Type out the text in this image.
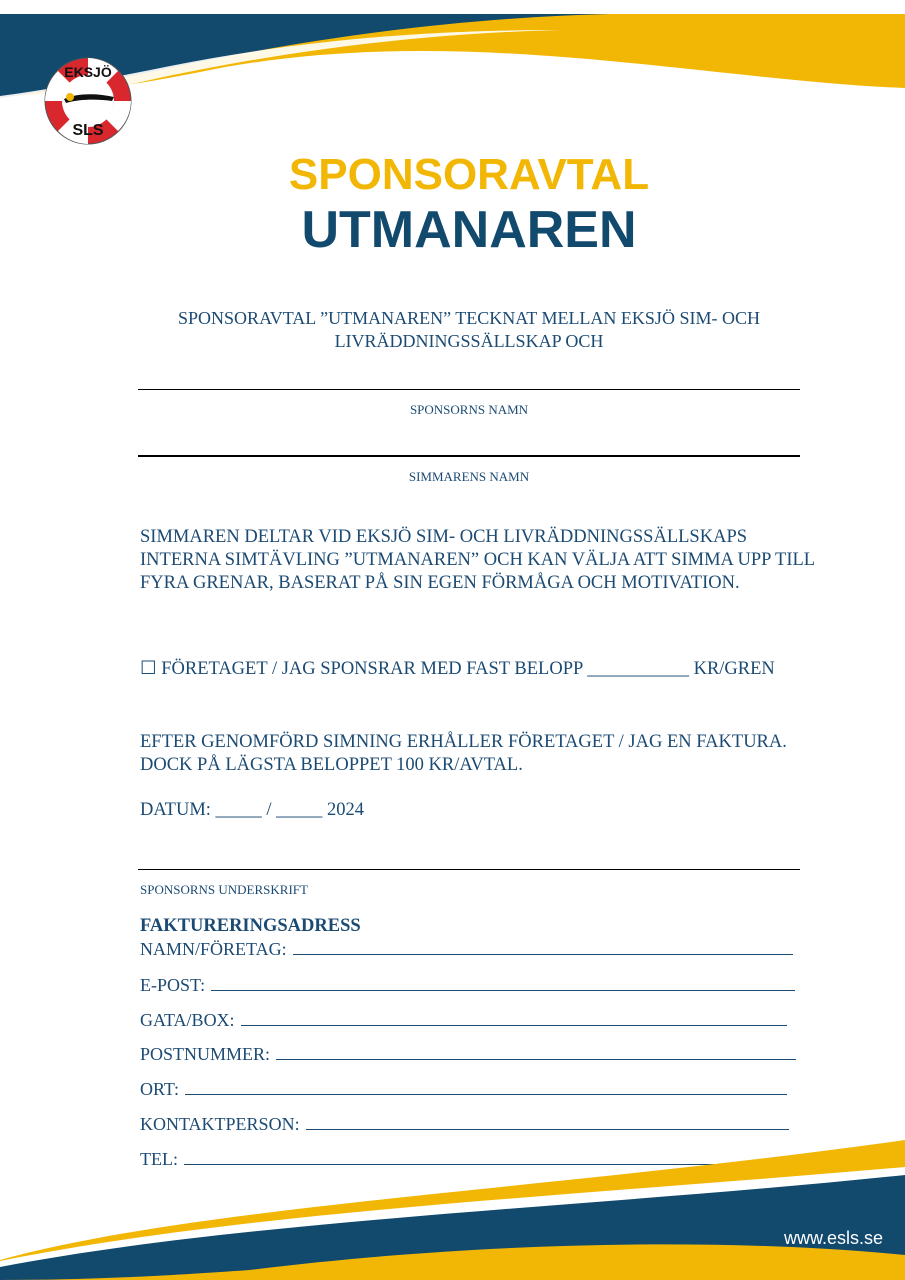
EKSJÖ
SLS
SPONSORAVTAL
UTMANAREN
SPONSORAVTAL ”UTMANAREN” TECKNAT MELLAN EKSJÖ SIM- OCH LIVRÄDDNINGSSÄLLSKAP OCH
SPONSORNS NAMN
SIMMARENS NAMN
SIMMAREN DELTAR VID EKSJÖ SIM- OCH LIVRÄDDNINGSSÄLLSKAPS INTERNA SIMTÄVLING ”UTMANAREN” OCH KAN VÄLJA ATT SIMMA UPP TILL FYRA GRENAR, BASERAT PÅ SIN EGEN FÖRMÅGA OCH MOTIVATION.
☐ FÖRETAGET / JAG SPONSRAR MED FAST BELOPP ___________ KR/GREN
EFTER GENOMFÖRD SIMNING ERHÅLLER FÖRETAGET / JAG EN FAKTURA. DOCK PÅ LÄGSTA BELOPPET 100 KR/AVTAL.
DATUM: _____ / _____ 2024
SPONSORNS UNDERSKRIFT
FAKTURERINGSADRESS
NAMN/FÖRETAG:
E-POST:
GATA/BOX:
POSTNUMMER:
ORT:
KONTAKTPERSON:
TEL:
www.esls.se
